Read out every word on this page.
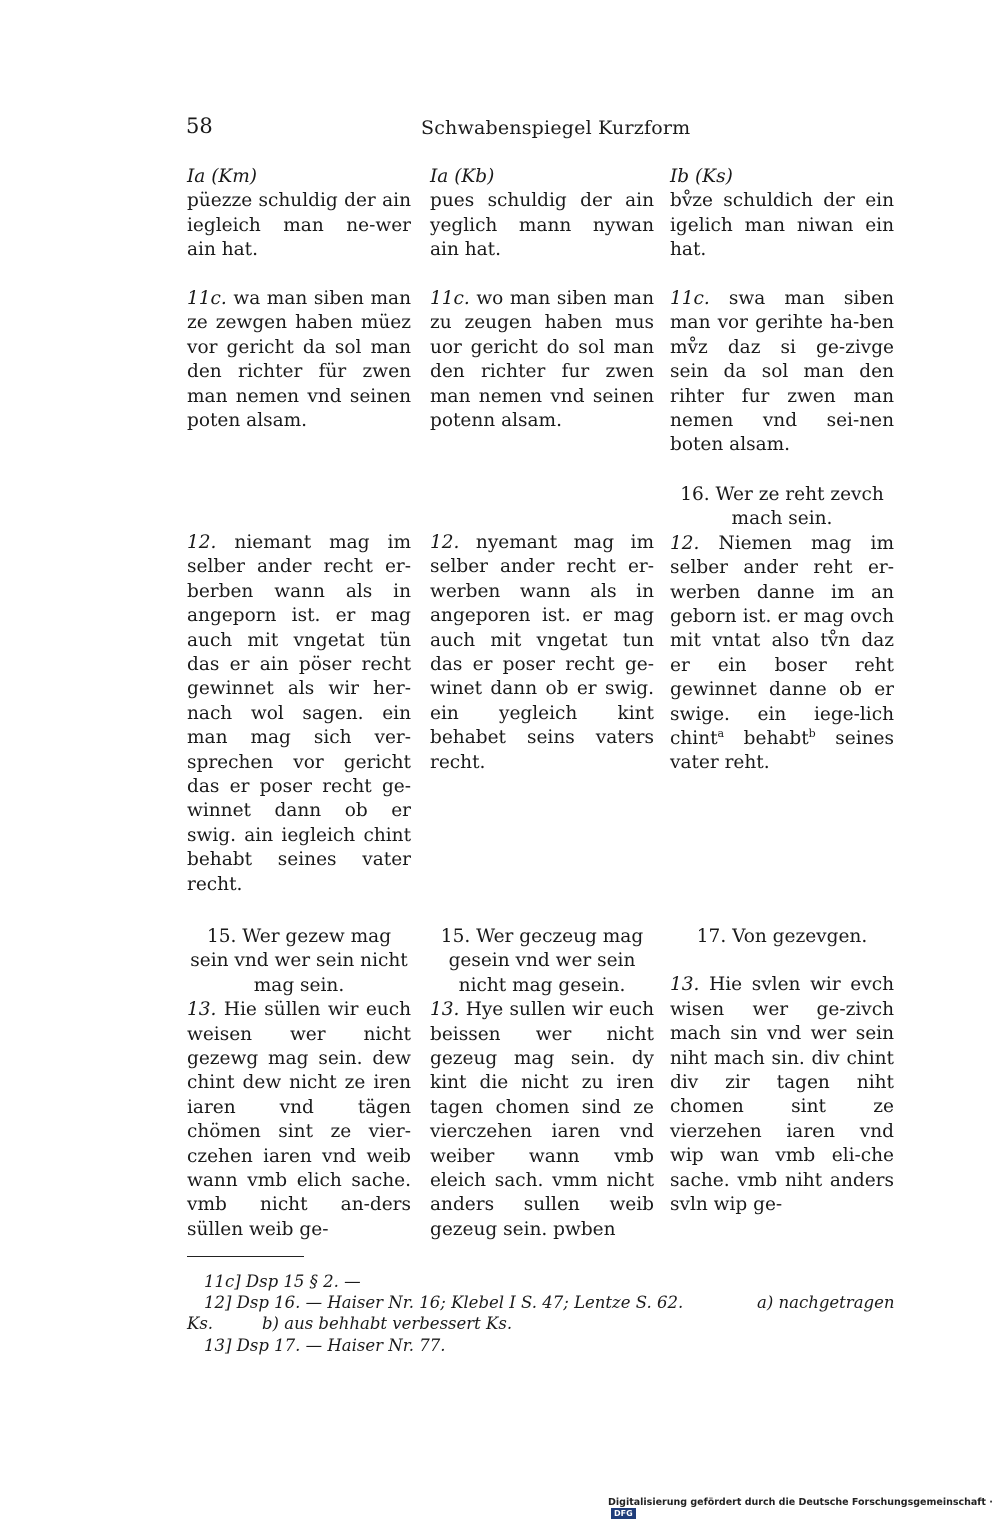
58	Schwabenspiegel Kurzform

Ia (Km)

püezze schuldig der ain iegleich man ne-wer ain hat.

11c. wa man siben man ze zewgen haben müez vor gericht da sol man den richter für zwen man nemen vnd seinen poten alsam.

12. niemant mag im selber ander recht er-berben wann als in angeporn ist. er mag auch mit vngetat tün das er ain pöser recht gewinnet als wir her-nach wol sagen. ein man mag sich ver-sprechen vor gericht das er poser recht ge-winnet dann ob er swig. ain iegleich chint behabt seines vater recht.

15. Wer gezew mag sein vnd wer sein nicht mag sein.

13. Hie süllen wir euch weisen wer nicht gezewg mag sein. dew chint dew nicht ze iren iaren vnd tägen chömen sint ze vier-czehen iaren vnd weib wann vmb elich sache. vmb nicht an-ders süllen weib ge-

Ia (Kb)

pues schuldig der ain yeglich mann nywan ain hat.

11c. wo man siben man zu zeugen haben mus uor gericht do sol man den richter fur zwen man nemen vnd seinen potenn alsam.

12. nyemant mag im selber ander recht er-werben wann als in angeporen ist. er mag auch mit vngetat tun das er poser recht ge-winet dann ob er swig. ein yegleich kint behabet seins vaters recht.

15. Wer geczeug mag gesein vnd wer sein nicht mag gesein.

13. Hye sullen wir euch beissen wer nicht gezeug mag sein. dy kint die nicht zu iren tagen chomen sind ze vierczehen iaren vnd weiber wann vmb eleich sach. vmm nicht anders sullen weib gezeug sein. pwben

Ib (Ks)

bv̊ze schuldich der ein igelich man niwan ein hat.

11c. swa man siben man vor gerihte ha-ben mv̊z daz si ge-zivge sein da sol man den rihter fur zwen man nemen vnd sei-nen boten alsam.

16. Wer ze reht zevch mach sein.

12. Niemen mag im selber ander reht er-werben danne im an geborn ist. er mag ovch mit vntat also tv̊n daz er ein boser reht gewinnet danne ob er swige. ein iege-lich chint$^a$ behabt$^b$ seines vater reht.

17. Von gezevgen.

13. Hie svlen wir evch wisen wer ge-zivch mach sin vnd wer sein niht mach sin. div chint div zir tagen niht chomen sint ze vierzehen iaren vnd wip wan vmb eli-che sache. vmb niht anders svln wip ge-

11c] Dsp 15 § 2. —
12] Dsp 16. — Haiser Nr. 16; Klebel I S. 47; Lentze S. 62.	a) nachgetragen
Ks.	b) aus behhabt verbessert Ks.
13] Dsp 17. — Haiser Nr. 77.
Digitalisierung gefördert durch die Deutsche Forschungsgemeinschaft ·DFG
